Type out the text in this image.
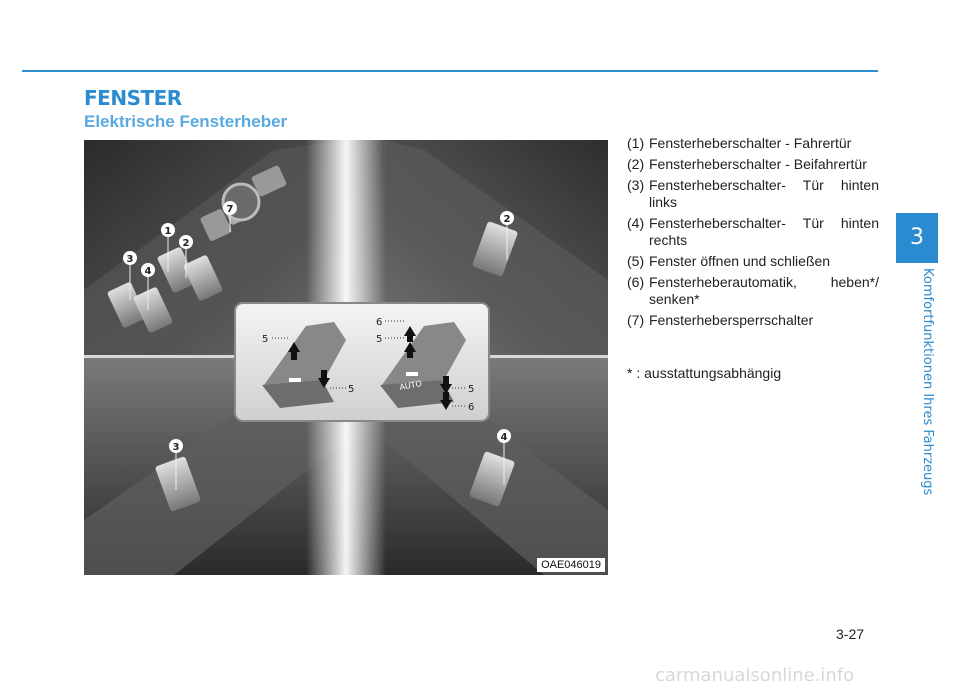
FENSTER
Elektrische Fensterheber
1
2
3
4
7
2
3
4
5
5
6
5
5
6
AUTO
OAE046019
(1) Fensterheberschalter - Fahrertür
(2) Fensterheberschalter - Beifahrertür
(3) Fensterheberschalter- Tür hinten links
(4) Fensterheberschalter- Tür hinten rechts
(5) Fenster öffnen und schließen
(6) Fensterheberautomatik, heben*/ senken*
(7) Fensterhebersperrschalter

* : ausstattungsabhängig

3
Komfortfunktionen Ihres Fahrzeugs

3-27

carmanualsonline.info
